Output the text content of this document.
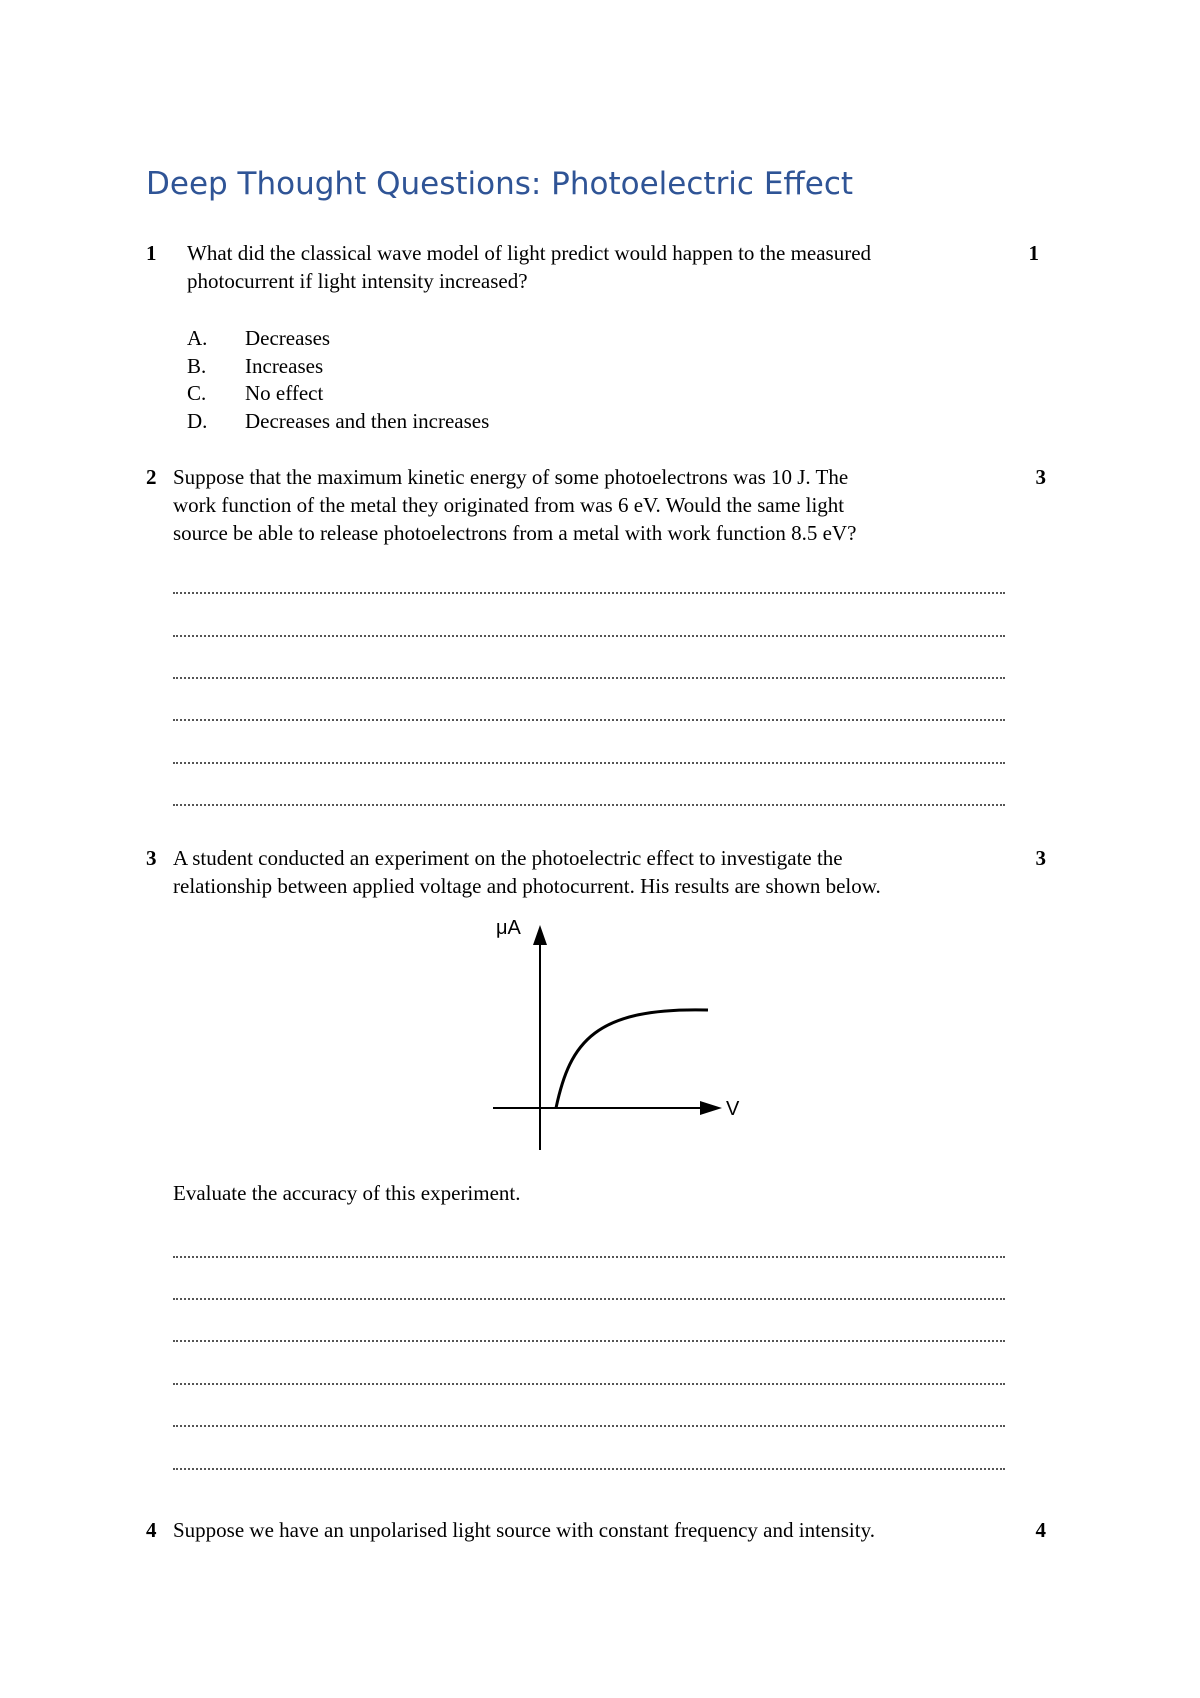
Deep Thought Questions: Photoelectric Effect
1 What did the classical wave model of light predict would happen to the measured
photocurrent if light intensity increased?
1
A. Decreases
B. Increases
C. No effect
D. Decreases and then increases
2 Suppose that the maximum kinetic energy of some photoelectrons was 10 J. The
work function of the metal they originated from was 6 eV. Would the same light
source be able to release photoelectrons from a metal with work function 8.5 eV?
3
3 A student conducted an experiment on the photoelectric effect to investigate the
relationship between applied voltage and photocurrent. His results are shown below.
3
μA
V
Evaluate the accuracy of this experiment.
4 Suppose we have an unpolarised light source with constant frequency and intensity.	4
